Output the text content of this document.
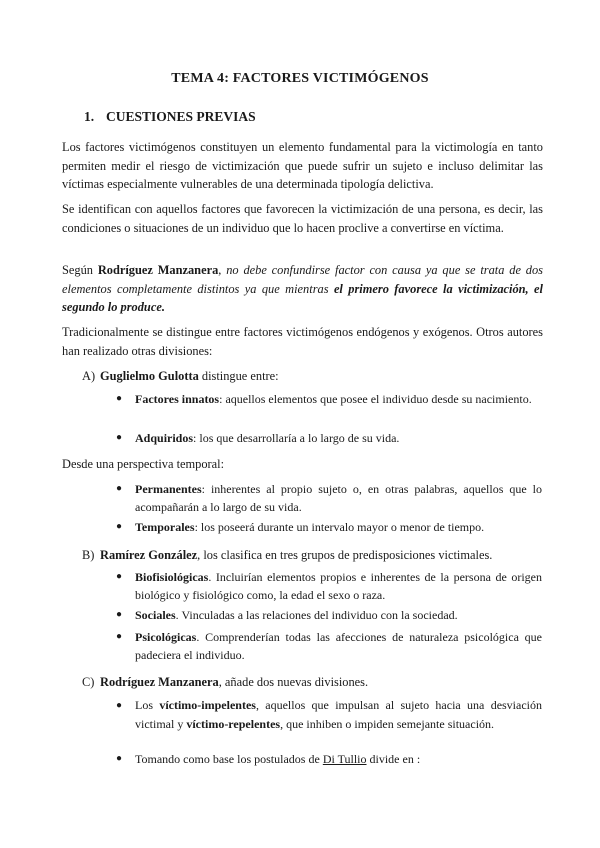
TEMA 4: FACTORES VICTIMÓGENOS
1. CUESTIONES PREVIAS

Los factores victimógenos constituyen un elemento fundamental para la victimología en tanto permiten medir el riesgo de victimización que puede sufrir un sujeto e incluso delimitar las víctimas especialmente vulnerables de una determinada tipología delictiva.

Se identifican con aquellos factores que favorecen la victimización de una persona, es decir, las condiciones o situaciones de un individuo que lo hacen proclive a convertirse en víctima.

Según Rodríguez Manzanera, no debe confundirse factor con causa ya que se trata de dos elementos completamente distintos ya que mientras el primero favorece la victimización, el segundo lo produce.

Tradicionalmente se distingue entre factores victimógenos endógenos y exógenos. Otros autores han realizado otras divisiones:

A) Guglielmo Gulotta distingue entre:
● Factores innatos: aquellos elementos que posee el individuo desde su nacimiento.
● Adquiridos: los que desarrollaría a lo largo de su vida.
Desde una perspectiva temporal:
● Permanentes: inherentes al propio sujeto o, en otras palabras, aquellos que lo acompañarán a lo largo de su vida.
● Temporales: los poseerá durante un intervalo mayor o menor de tiempo.
B) Ramírez González, los clasifica en tres grupos de predisposiciones victimales.
● Biofisiológicas. Incluirían elementos propios e inherentes de la persona de origen biológico y fisiológico como, la edad el sexo o raza.
● Sociales. Vinculadas a las relaciones del individuo con la sociedad.
● Psicológicas. Comprenderían todas las afecciones de naturaleza psicológica que padeciera el individuo.
C) Rodríguez Manzanera, añade dos nuevas divisiones.
● Los víctimo-impelentes, aquellos que impulsan al sujeto hacia una desviación victimal y víctimo-repelentes, que inhiben o impiden semejante situación.
● Tomando como base los postulados de Di Tullio divide en :
